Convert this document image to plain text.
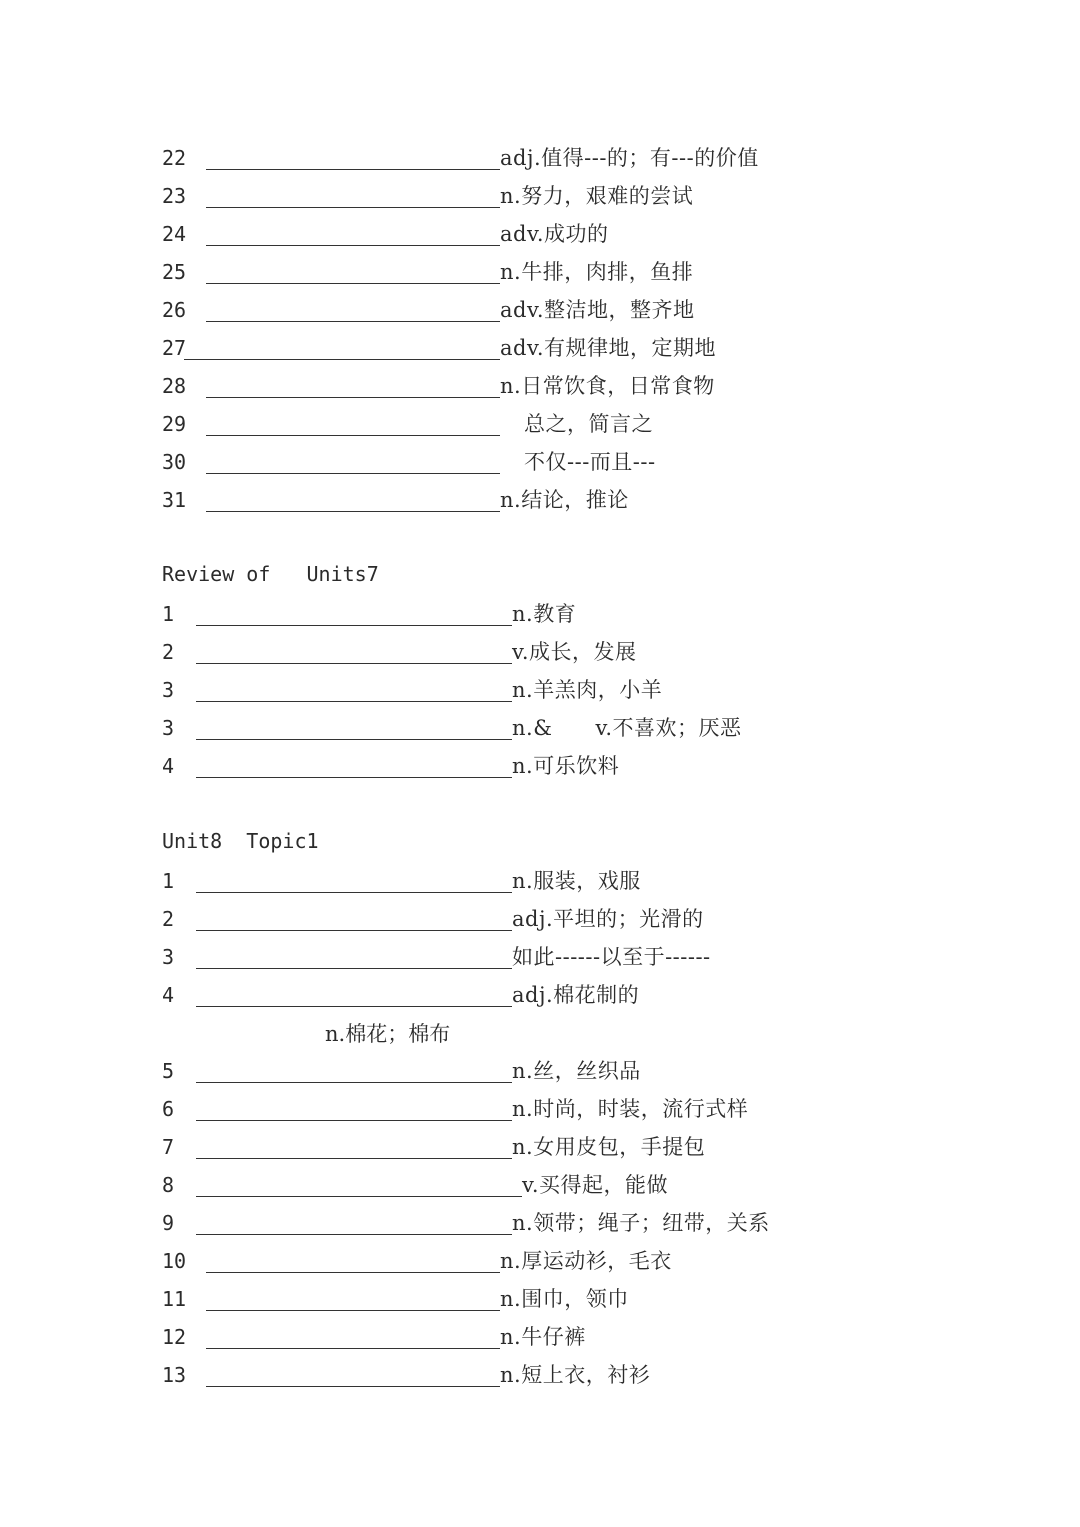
22	adj.值得---的；有---的价值
23	n.努力，艰难的尝试
24	adv.成功的
25	n.牛排，肉排，鱼排
26	adv.整洁地，整齐地
27	adv.有规律地，定期地
28	n.日常饮食，日常食物
29	总之，简言之
30	不仅---而且---
31	n.结论，推论
Review of   Units7
1	n.教育
2	v.成长，发展
3	n.羊羔肉，小羊
3	n.&      v.不喜欢；厌恶
4	n.可乐饮料
Unit8  Topic1
1	n.服装，戏服
2	adj.平坦的；光滑的
3	如此------以至于------
4	adj.棉花制的
n.棉花；棉布
5	n.丝，丝织品
6	n.时尚，时装，流行式样
7	n.女用皮包，手提包
8	v.买得起，能做
9	n.领带；绳子；纽带，关系
10	n.厚运动衫，毛衣
11	n.围巾，领巾
12	n.牛仔裤
13	n.短上衣，衬衫
